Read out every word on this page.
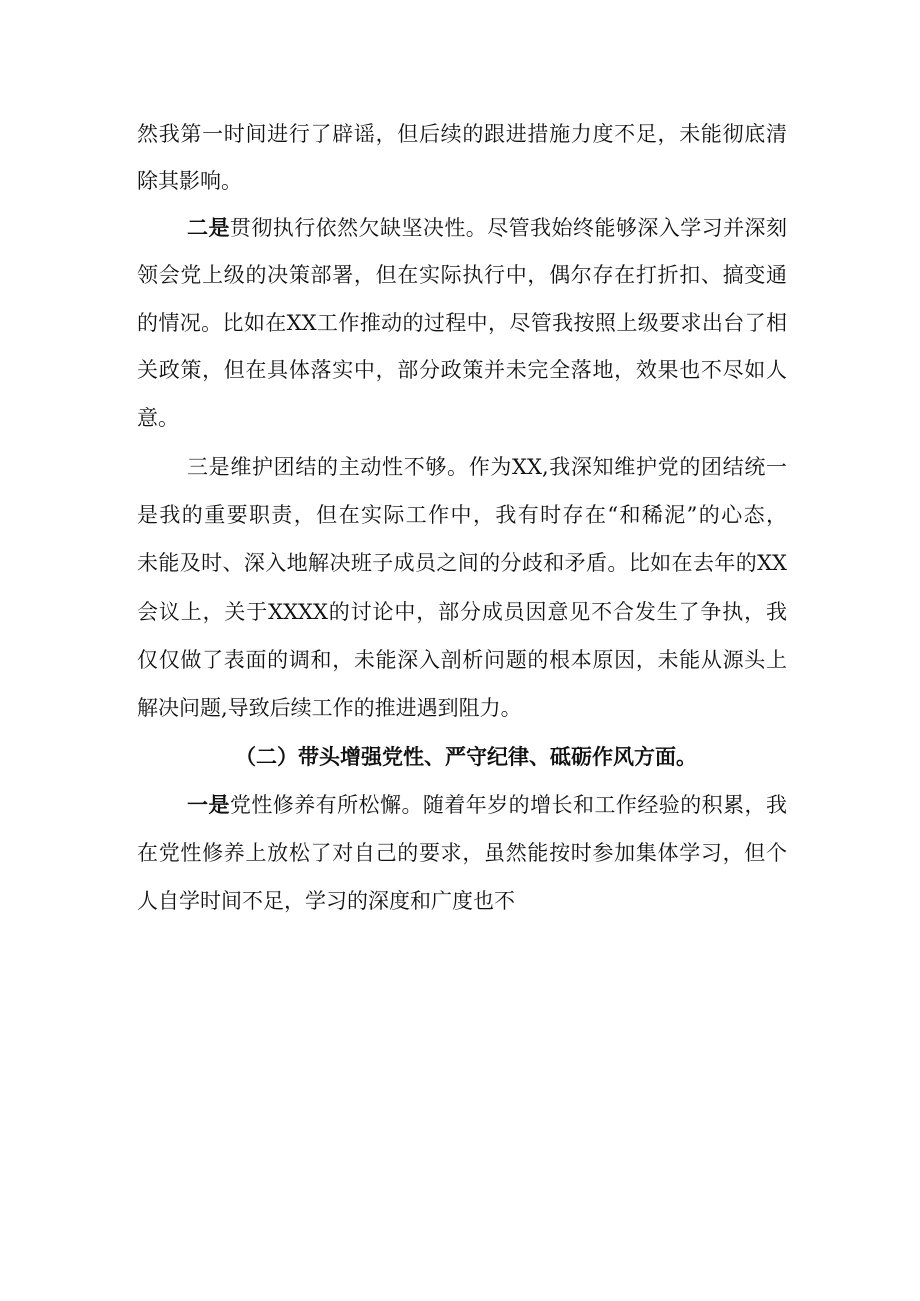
然我第一时间进行了辟谣，但后续的跟进措施力度不足，未能彻底清
除其影响。
二是贯彻执行依然欠缺坚决性。尽管我始终能够深入学习并深刻
领会党上级的决策部署，但在实际执行中，偶尔存在打折扣、搞变通
的情况。比如在XX工作推动的过程中，尽管我按照上级要求出台了相
关政策，但在具体落实中，部分政策并未完全落地，效果也不尽如人
意。
三是维护团结的主动性不够。作为XX,我深知维护党的团结统一
是我的重要职责，但在实际工作中，我有时存在“和稀泥”的心态，
未能及时、深入地解决班子成员之间的分歧和矛盾。比如在去年的XX
会议上，关于XXXX的讨论中，部分成员因意见不合发生了争执，我
仅仅做了表面的调和，未能深入剖析问题的根本原因，未能从源头上
解决问题,导致后续工作的推进遇到阻力。
（二）带头增强党性、严守纪律、砥砺作风方面。
一是党性修养有所松懈。随着年岁的增长和工作经验的积累，我
在党性修养上放松了对自己的要求，虽然能按时参加集体学习，但个
人自学时间不足，学习的深度和广度也不
